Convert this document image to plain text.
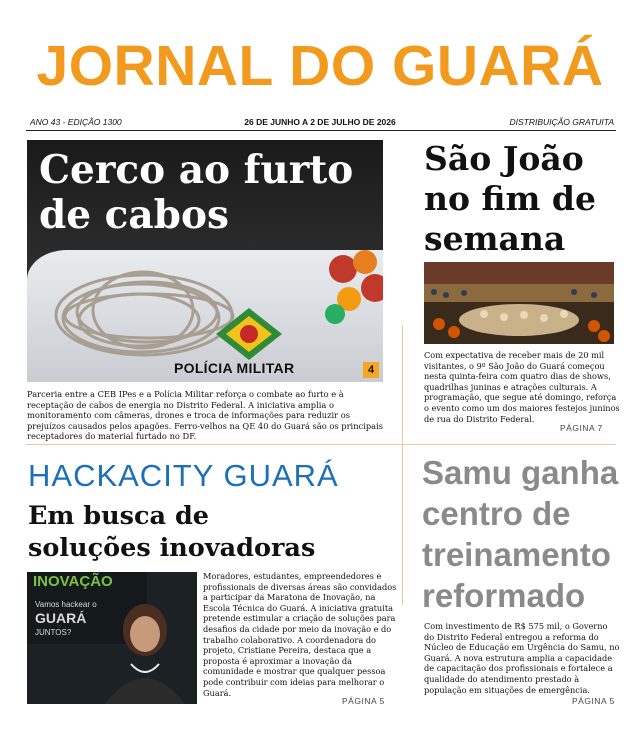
JORNAL DO GUARÁ
ANO 43 - EDIÇÃO 1300	26 DE JUNHO A 2 DE JULHO DE 2026	DISTRIBUIÇÃO GRATUITA
POLÍCIA MILITAR
Cerco ao furto
de cabos
4
Parceria entre a CEB IPes e a Polícia Militar reforça o combate ao furto e à receptação de cabos de energia no Distrito Federal. A iniciativa amplia o monitoramento com câmeras, drones e troca de informações para reduzir os prejuízos causados pelos apagões. Ferro-velhos na QE 40 do Guará são os principais receptadores do material furtado no DF.
São João
no fim de
semana
Com expectativa de receber mais de 20 mil visitantes, o 9º São João do Guará começou nesta quinta-feira com quatro dias de shows, quadrilhas juninas e atrações culturais. A programação, que segue até domingo, reforça o evento como um dos maiores festejos juninos de rua do Distrito Federal.
PÁGINA 7
HACKACITY GUARÁ
Em busca de
soluções inovadoras
INOVAÇÃO
Vamos hackear o
GUARÁ
JUNTOS?
Moradores, estudantes, empreendedores e profissionais de diversas áreas são convidados a participar da Maratona de Inovação, na Escola Técnica do Guará. A iniciativa gratuita pretende estimular a criação de soluções para desafios da cidade por meio da inovação e do trabalho colaborativo. A coordenadora do projeto, Cristiane Pereira, destaca que a proposta é aproximar a inovação da comunidade e mostrar que qualquer pessoa pode contribuir com ideias para melhorar o Guará.
PÁGINA 5
Samu ganha
centro de
treinamento
reformado
Com investimento de R$ 575 mil, o Governo do Distrito Federal entregou a reforma do Núcleo de Educação em Urgência do Samu, no Guará. A nova estrutura amplia a capacidade de capacitação dos profissionais e fortalece a qualidade do atendimento prestado à população em situações de emergência.
PÁGINA 5
